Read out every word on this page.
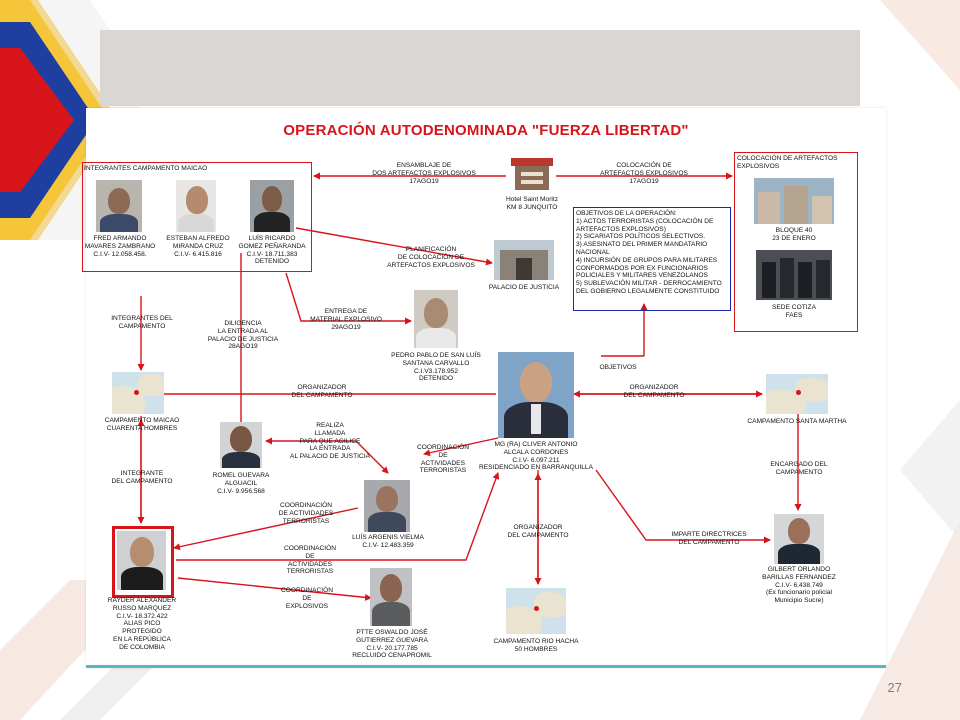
OPERACIÓN AUTODENOMINADA "FUERZA LIBERTAD"
INTEGRANTES CAMPAMENTO MAICAO
FRED ARMANDO
MAVARES ZAMBRANO
C.I.V- 12.058.458.
ESTEBAN ALFREDO
MIRANDA CRUZ
C.I.V- 6.415.816
LUÍS RICARDO
GOMEZ PEÑARANDA
C.I.V- 18.711.383
DETENIDO
Hotel Saint Moritz
KM 8 JUNQUITO
ENSAMBLAJE DE
DOS ARTEFACTOS EXPLOSIVOS
17AGO19
COLOCACIÓN DE
ARTEFACTOS EXPLOSIVOS
17AGO19
COLOCACIÓN DE ARTEFACTOS EXPLOSIVOS
BLOQUE 40
23 DE ENERO
SEDE COTIZA
FAES
OBJETIVOS DE LA OPERACIÓN:
1) ACTOS TERRORISTAS (COLOCACIÓN DE
ARTEFACTOS EXPLOSIVOS)
2) SICARIATOS POLÍTICOS SELECTIVOS.
3) ASESINATO DEL PRIMER MANDATARIO
NACIONAL
4) INCURSIÓN DE GRUPOS PARA MILITARES
CONFORMADOS POR EX FUNCIONARIOS
POLICIALES Y MILITARES VENEZOLANOS
5) SUBLEVACIÓN MILITAR - DERROCAMIENTO
DEL GOBIERNO LEGALMENTE CONSTITUIDO
PLANIFICACIÓN
DE COLOCACIÓN DE
ARTEFACTOS EXPLOSIVOS
PALACIO DE JUSTICIA
DILIGENCIA
LA ENTRADA AL
PALACIO DE JUSTICIA
28AGO19
ENTREGA DE
MATERIAL EXPLOSIVO
29AGO19
PEDRO PABLO DE SAN LUÍS
SANTANA CARVALLO
C.I.V3.178.952
DETENIDO
INTEGRANTES DEL
CAMPAMENTO
MG (RA) CLIVER ANTONIO
ALCALA CORDONES
C.I.V- 6.097.211
RESIDENCIADO EN BARRANQUILLA
OBJETIVOS
ORGANIZADOR
DEL CAMPAMENTO
ORGANIZADOR
DEL CAMPAMENTO
CAMPAMENTO MAICAO
CUARENTA HOMBRES
CAMPAMENTO SANTA MARTHA
REALIZA
LLAMADA
PARA QUE AGILICE
LA ENTRADA
AL PALACIO DE JUSTICIA
COORDINACIÓN
DE
ACTIVIDADES
TERRORISTAS
ROMEL GUEVARA
ALGUACIL
C.I.V- 9.956.568
INTEGRANTE
DEL CAMPAMENTO
LUÍS ARGENIS VIELMA
C.I.V- 12.483.359
COORDINACIÓN
DE ACTIVIDADES
TERRORISTAS
COORDINACIÓN
DE
ACTIVIDADES
TERRORISTAS
COORDINACIÓN
DE
EXPLOSIVOS
RAYDER ALEXANDER
RUSSO MARQUEZ
C.I.V- 18.372.422
ALIAS PICO
PROTEGIDO
EN LA REPÚBLICA
DE COLOMBIA
PTTE OSWALDO JOSÉ
GUTIERREZ GUEVARA
C.I.V- 20.177.785
RECLUIDO CENAPROMIL
ORGANIZADOR
DEL CAMPAMENTO
CAMPAMENTO RIO HACHA
50 HOMBRES
IMPARTE DIRECTRICES
DEL CAMPAMENTO
ENCARGADO DEL
CAMPAMENTO
GILBERT ORLANDO
BARILLAS FERNANDEZ
C.I.V- 6.438.749
(Ex funcionario policial
Municipio Sucre)
27
